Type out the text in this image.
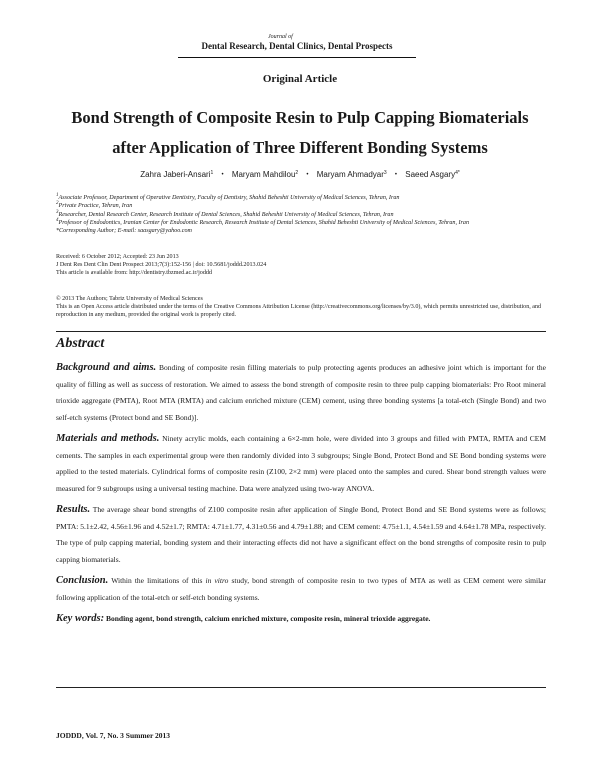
Journal of
Dental Research, Dental Clinics, Dental Prospects
Original Article
Bond Strength of Composite Resin to Pulp Capping Biomaterials
after Application of Three Different Bonding Systems
Zahra Jaberi-Ansari$^1$ • Maryam Mahdilou$^2$ • Maryam Ahmadyar$^3$ • Saeed Asgary$^{4*}$
$^1$Associate Professor, Department of Operative Dentistry, Faculty of Dentistry, Shahid Beheshti University of Medical Sciences, Tehran, Iran
$^2$Private Practice, Tehran, Iran
$^3$Researcher, Dental Research Center, Research Institute of Dental Sciences, Shahid Beheshti University of Medical Sciences, Tehran, Iran
$^4$Professor of Endodontics, Iranian Center for Endodontic Research, Research Institute of Dental Sciences, Shahid Beheshti University of Medical Sciences, Tehran, Iran
*Corresponding Author; E-mail: saasgary@yahoo.com
Received: 6 October 2012; Accepted: 23 Jun 2013
J Dent Res Dent Clin Dent Prospect 2013;7(3):152-156 | doi: 10.5681/joddd.2013.024
This article is available from: http://dentistry.tbzmed.ac.ir/joddd
© 2013 The Authors; Tabriz University of Medical Sciences
This is an Open Access article distributed under the terms of the Creative Commons Attribution License (http://creativecommons.org/licenses/by/3.0), which permits unrestricted use, distribution, and reproduction in any medium, provided the original work is properly cited.
Abstract

Background and aims. Bonding of composite resin filling materials to pulp protecting agents produces an adhesive joint which is important for the quality of filling as well as success of restoration. We aimed to assess the bond strength of composite resin to three pulp capping biomaterials: Pro Root mineral trioxide aggregate (PMTA), Root MTA (RMTA) and calcium enriched mixture (CEM) cement, using three bonding systems [a total-etch (Single Bond) and two self-etch systems (Protect bond and SE Bond)].

Materials and methods. Ninety acrylic molds, each containing a 6×2-mm hole, were divided into 3 groups and filled with PMTA, RMTA and CEM cements. The samples in each experimental group were then randomly divided into 3 subgroups; Single Bond, Protect Bond and SE Bond bonding systems were applied to the tested materials. Cylindrical forms of composite resin (Z100, 2×2 mm) were placed onto the samples and cured. Shear bond strength values were measured for 9 subgroups using a universal testing machine. Data were analyzed using two-way ANOVA.

Results. The average shear bond strengths of Z100 composite resin after application of Single Bond, Protect Bond and SE Bond systems were as follows; PMTA: 5.1±2.42, 4.56±1.96 and 4.52±1.7; RMTA: 4.71±1.77, 4.31±0.56 and 4.79±1.88; and CEM cement: 4.75±1.1, 4.54±1.59 and 4.64±1.78 MPa, respectively. The type of pulp capping material, bonding system and their interacting effects did not have a significant effect on the bond strengths of composite resin to pulp capping biomaterials.

Conclusion. Within the limitations of this in vitro study, bond strength of composite resin to two types of MTA as well as CEM cement were similar following application of the total-etch or self-etch bonding systems.

Key words: Bonding agent, bond strength, calcium enriched mixture, composite resin, mineral trioxide aggregate.

JODDD, Vol. 7, No. 3 Summer 2013
